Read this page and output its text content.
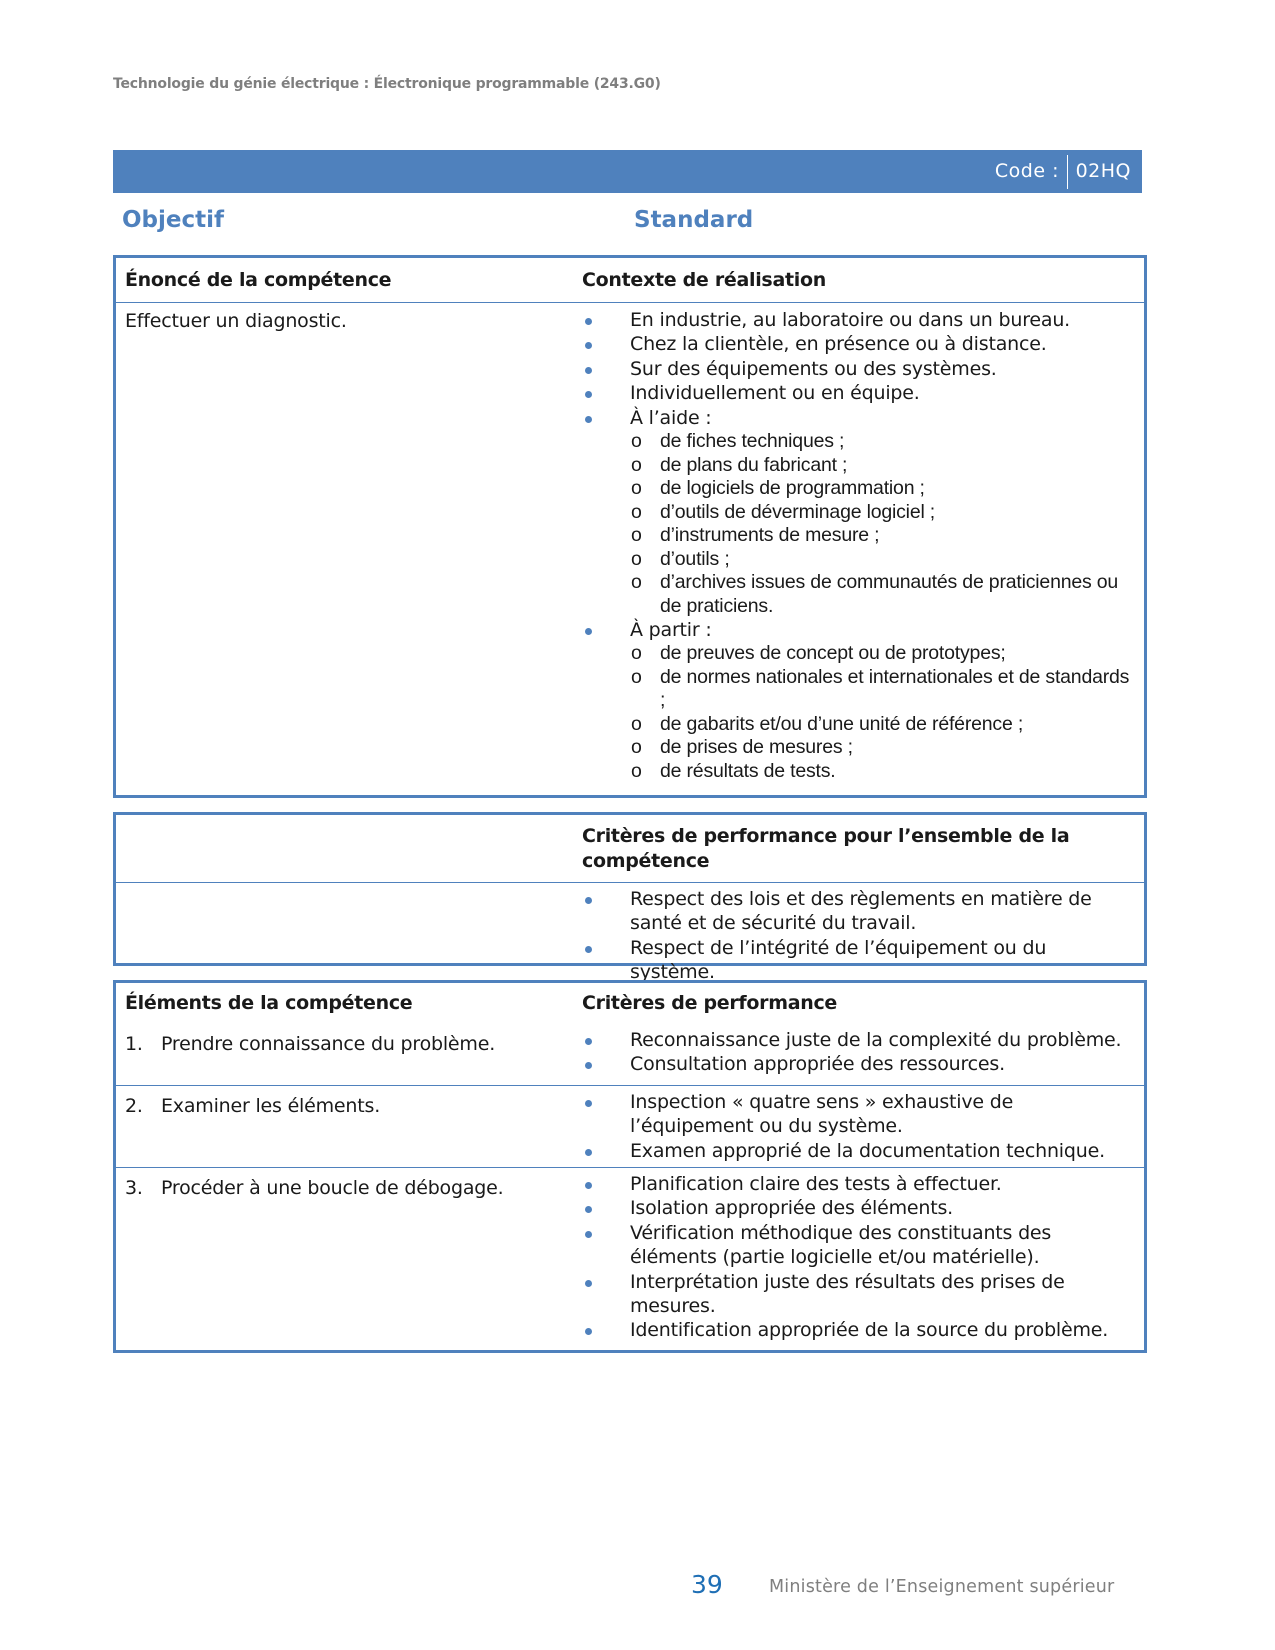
Technologie du génie électrique : Électronique programmable (243.G0)
Code : 02HQ
Objectif	Standard
Énoncé de la compétence	Contexte de réalisation
Effectuer un diagnostic.	En industrie, au laboratoire ou dans un bureau.
Chez la clientèle, en présence ou à distance.
Sur des équipements ou des systèmes.
Individuellement ou en équipe.
À l’aide :
o de fiches techniques ;
o de plans du fabricant ;
o de logiciels de programmation ;
o d’outils de déverminage logiciel ;
o d’instruments de mesure ;
o d’outils ;
o d’archives issues de communautés de praticiennes ou de praticiens.
À partir :
o de preuves de concept ou de prototypes;
o de normes nationales et internationales et de standards ;
o de gabarits et/ou d’une unité de référence ;
o de prises de mesures ;
o de résultats de tests.
Critères de performance pour l’ensemble de la compétence
Respect des lois et des règlements en matière de santé et de sécurité du travail.
Respect de l’intégrité de l’équipement ou du système.
Éléments de la compétence	Critères de performance
1. Prendre connaissance du problème.	Reconnaissance juste de la complexité du problème.
Consultation appropriée des ressources.
2. Examiner les éléments.	Inspection « quatre sens » exhaustive de l’équipement ou du système.
Examen approprié de la documentation technique.
3. Procéder à une boucle de débogage.	Planification claire des tests à effectuer.
Isolation appropriée des éléments.
Vérification méthodique des constituants des éléments (partie logicielle et/ou matérielle).
Interprétation juste des résultats des prises de mesures.
Identification appropriée de la source du problème.
39	Ministère de l’Enseignement supérieur
